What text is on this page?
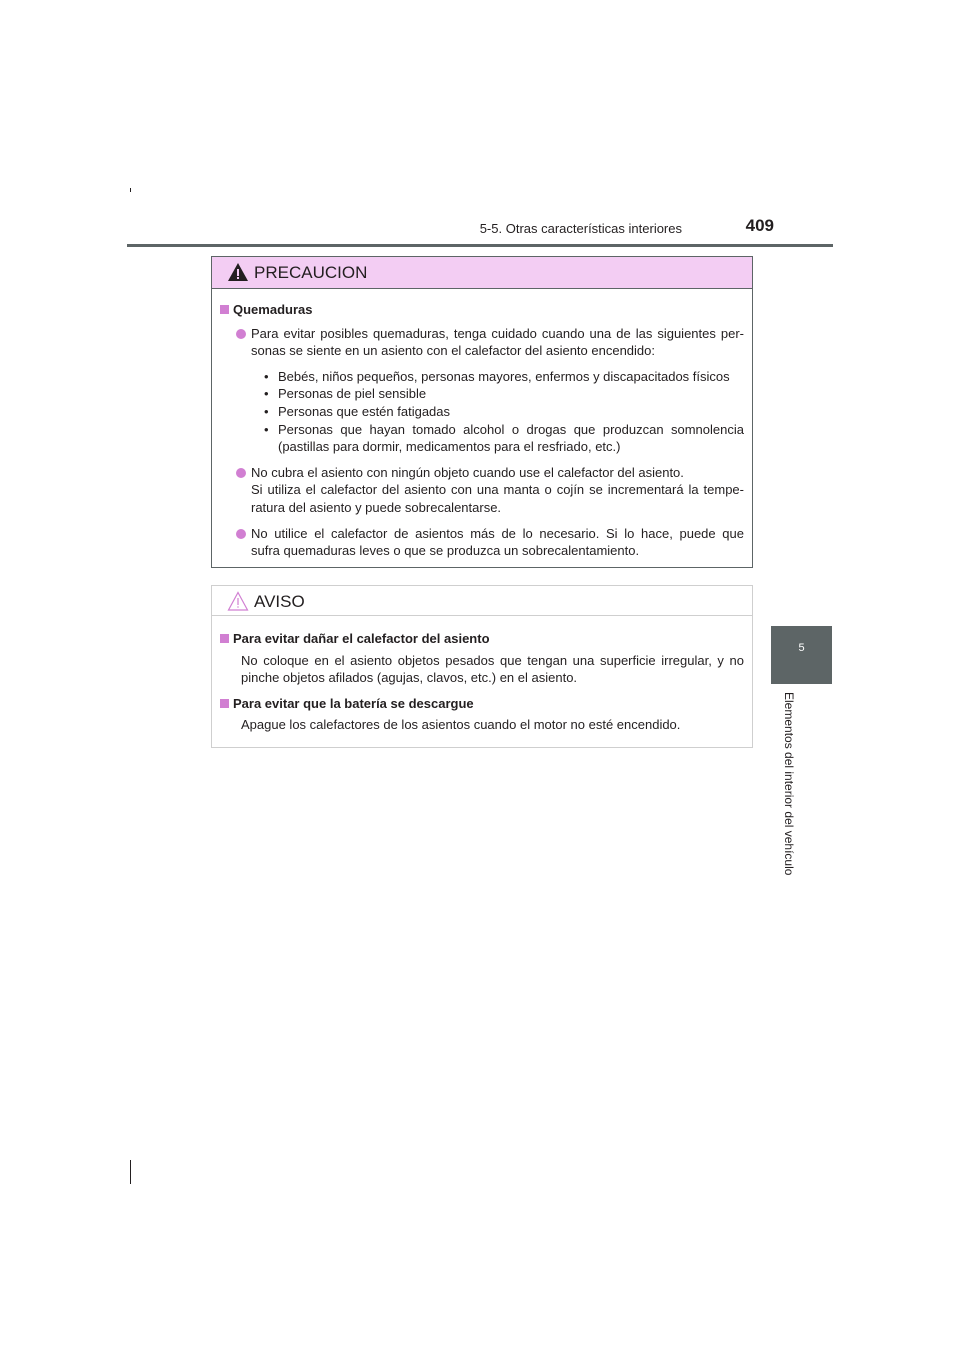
5-5. Otras características interiores	409
5
Elementos del interior del vehículo
PRECAUCION
Quemaduras
Para evitar posibles quemaduras, tenga cuidado cuando una de las siguientes per-
sonas se siente en un asiento con el calefactor del asiento encendido:
• Bebés, niños pequeños, personas mayores, enfermos y discapacitados físicos
• Personas de piel sensible
• Personas que estén fatigadas
• Personas que hayan tomado alcohol o drogas que produzcan somnolencia
(pastillas para dormir, medicamentos para el resfriado, etc.)
No cubra el asiento con ningún objeto cuando use el calefactor del asiento.
Si utiliza el calefactor del asiento con una manta o cojín se incrementará la tempe-
ratura del asiento y puede sobrecalentarse.
No utilice el calefactor de asientos más de lo necesario. Si lo hace, puede que
sufra quemaduras leves o que se produzca un sobrecalentamiento.
AVISO
Para evitar dañar el calefactor del asiento
No coloque en el asiento objetos pesados que tengan una superficie irregular, y no
pinche objetos afilados (agujas, clavos, etc.) en el asiento.
Para evitar que la batería se descargue
Apague los calefactores de los asientos cuando el motor no esté encendido.
